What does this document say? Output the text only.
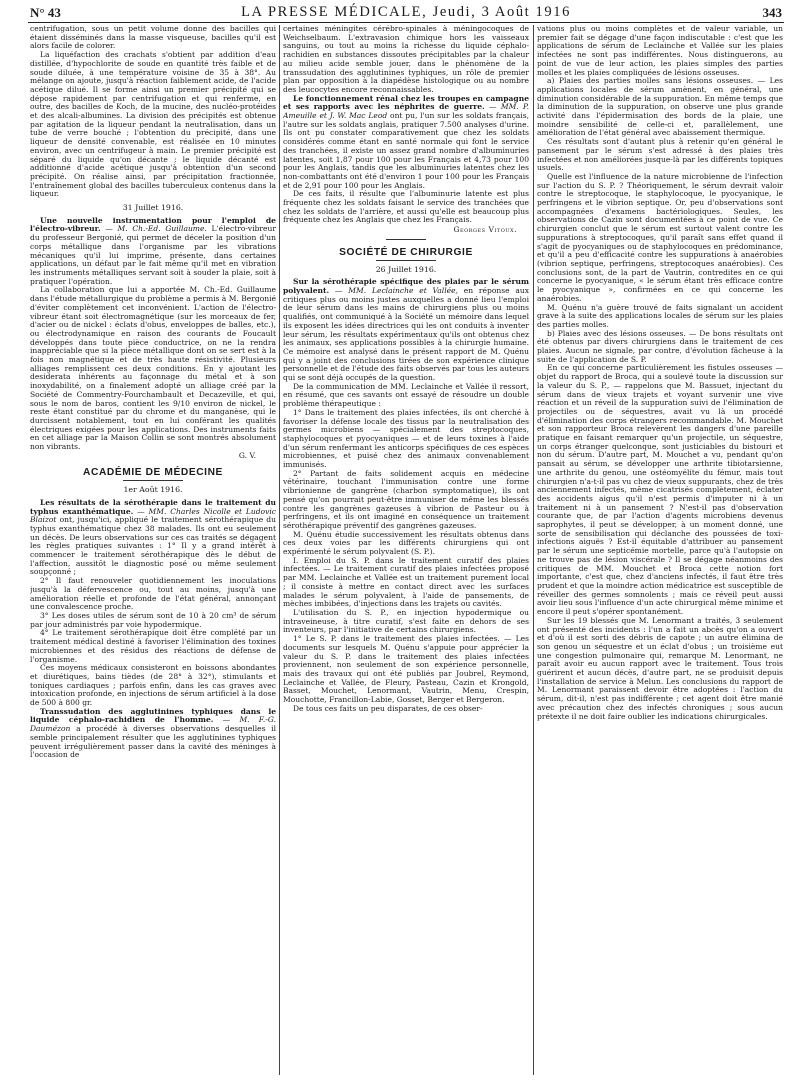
N° 43	LA PRESSE MÉDICALE, Jeudi, 3 Août 1916	343

centrifugation, sous un petit volume donne des bacilles qui étaient disséminés dans la masse visqueuse, bacilles qu'il est alors facile de colorer.

La liquéfaction des crachats s'obtient par addition d'eau distillée, d'hypochlorite de soude en quantité très faible et de soude diluée, à une température voisine de 35 à 38°. Au mélange on ajoute, jusqu'à réaction faiblement acide, de l'acide acétique dilué. Il se forme ainsi un premier précipité qui se dépose rapidement par centrifugation et qui renferme, en outre, des bacilles de Koch, de la mucine, des nucléo-protéides et des alcali-albumines. La division des précipités est obtenue par agitation de la liqueur pendant la neutralisation, dans un tube de verre bouché ; l'obtention du précipité, dans une liqueur de densité convenable, est réalisée en 10 minutes environ, avec un centrifugeur à main. Le premier précipité est séparé du liquide qu'on décante ; le liquide décanté est additionné d'acide acétique jusqu'à obtention d'un second précipité. On réalise ainsi, par précipitation fractionnée, l'entraînement global des bacilles tuberculeux contenus dans la liqueur.

31 Juillet 1916.

Une nouvelle instrumentation pour l'emploi de l'électro-vibreur. — M. Ch.-Ed. Guillaume. L'électro-vibreur du professeur Bergonié, qui permet de déceler la position d'un corps métallique dans l'organisme par les vibrations mécaniques qu'il lui imprime, présente, dans certaines applications, un défaut par le fait même qu'il met en vibration les instruments métalliques servant soit à souder la plaie, soit à pratiquer l'opération.

La collaboration que lui a apportée M. Ch.-Ed. Guillaume dans l'étude métallurgique du problème a permis à M. Bergonié d'éviter complètement cet inconvénient. L'action de l'électro-vibreur étant soit électromagnétique (sur les morceaux de fer, d'acier ou de nickel : éclats d'obus, enveloppes de balles, etc.), ou électrodynamique en raison des courants de Foucault développés dans toute pièce conductrice, on ne la rendra inappréciable que si la pièce métallique dont on se sert est à la fois non magnétique et de très haute résistivité. Plusieurs alliages remplissent ces deux conditions. En y ajoutant les desiderata inhérents au façonnage du métal et à son inoxydabilité, on a finalement adopté un alliage créé par la Société de Commentry-Fourchambault et Decazeville, et qui, sous le nom de baros, contient les 9/10 environ de nickel, le reste étant constitué par du chrome et du manganèse, qui le durcissent notablement, tout en lui conférant les qualités électriques exigées pour les applications. Des instruments faits en cet alliage par la Maison Collin se sont montrés absolument non vibrants.

G. V.
ACADÉMIE DE MÉDECINE
1er Août 1916.

Les résultats de la sérothérapie dans le traitement du typhus exanthématique. — MM. Charles Nicolle et Ludovic Blaizot ont, jusqu'ici, appliqué le traitement sérothérapique du typhus exanthématique chez 38 malades. Ils ont eu seulement un décès. De leurs observations sur ces cas traités se dégagent les règles pratiques suivantes : 1° Il y a grand intérêt à commencer le traitement sérothérapique dès le début de l'affection, aussitôt le diagnostic posé ou même seulement soupçonné ;

2° Il faut renouveler quotidiennement les inoculations jusqu'à la défervescence ou, tout au moins, jusqu'à une amélioration réelle et profonde de l'état général, annonçant une convalescence proche.

3° Les doses utiles de sérum sont de 10 à 20 cm³ de sérum par jour administrés par voie hypodermique.

4° Le traitement sérothérapique doit être complété par un traitement médical destiné à favoriser l'élimination des toxines microbiennes et des résidus des réactions de défense de l'organisme.

Ces moyens médicaux consisteront en boissons abondantes et diurétiques, bains tièdes (de 28° à 32°), stimulants et toniques cardiaques ; parfois enfin, dans les cas graves avec intoxication profonde, en injections de sérum artificiel à la dose de 500 à 800 gr.

Transsudation des agglutinines typhiques dans le liquide céphalo-rachidien de l'homme. — M. F.-G. Daumézon a procédé à diverses observations desquelles il semble principalement résulter que les agglutinines typhiques peuvent irrégulièrement passer dans la cavité des méninges à l'occasion de

certaines méningites cérébro-spinales à méningocoques de Weichselbaum. L'extravasion chimique hors les vaisseaux sanguins, ou tout au moins la richesse du liquide céphalo-rachidien en substances dissoutes précipitables par la chaleur au milieu acide semble jouer, dans le phénomène de la transsudation des agglutinines typhiques, un rôle de premier plan par opposition à la diapédèse histologique ou au nombre des leucocytes encore reconnaissables.

Le fonctionnement rénal chez les troupes en campagne et ses rapports avec les néphrites de guerre. — MM. P. Ameuille et J. W. Mac Leod ont pu, l'un sur les soldats français, l'autre sur les soldats anglais, pratiquer 7.500 analyses d'urine. Ils ont pu constater comparativement que chez les soldats considérés comme étant en santé normale qui font le service des tranchées, il existe un assez grand nombre d'albuminuries latentes, soit 1,87 pour 100 pour les Français et 4,73 pour 100 pour les Anglais, tandis que les albuminuries latentes chez les non-combattants ont été d'environ 1 pour 100 pour les Français et de 2,91 pour 100 pour les Anglais.

De ces faits, il résulte que l'albuminurie latente est plus fréquente chez les soldats faisant le service des tranchées que chez les soldats de l'arrière, et aussi qu'elle est beaucoup plus fréquente chez les Anglais que chez les Français.

Georges Vitoux.
SOCIÉTÉ DE CHIRURGIE
26 Juillet 1916.

Sur la sérothérapie spécifique des plaies par le sérum polyvalent. — MM. Leclainche et Vallée, en réponse aux critiques plus ou moins justes auxquelles a donné lieu l'emploi de leur sérum dans les mains de chirurgiens plus ou moins qualifiés, ont communiqué à la Société un mémoire dans lequel ils exposent les idées directrices qui les ont conduits à inventer leur sérum, les résultats expérimentaux qu'ils ont obtenus chez les animaux, ses applications possibles à la chirurgie humaine. Ce mémoire est analysé dans le présent rapport de M. Quénu qui y a joint des conclusions tirées de son expérience clinique personnelle et de l'étude des faits observés par tous les auteurs qui se sont déjà occupés de la question.

De la communication de MM. Leclainche et Vallée il ressort, en résumé, que ces savants ont essayé de résoudre un double problème thérapeutique :

1° Dans le traitement des plaies infectées, ils ont cherché à favoriser la défense locale des tissus par la neutralisation des germes microbiens — spécialement des streptocoques, staphylocoques et pyocyaniques — et de leurs toxines à l'aide d'un sérum renfermant les anticorps spécifiques de ces espèces microbiennes, et puisé chez des animaux convenablement immunisés.

2° Partant de faits solidement acquis en médecine vétérinaire, touchant l'immunisation contre une forme vibrionienne de gangrène (charbon symptomatique), ils ont pensé qu'on pourrait peut-être immuniser de même les blessés contre les gangrènes gazeuses à vibrion de Pasteur ou à perfringens, et ils ont imaginé en conséquence un traitement sérothérapique préventif des gangrènes gazeuses.

M. Quénu étudie successivement les résultats obtenus dans ces deux voies par les différents chirurgiens qui ont expérimenté le sérum polyvalent (S. P.).

I. Emploi du S. P. dans le traitement curatif des plaies infectées. — Le traitement curatif des plaies infectées proposé par MM. Leclainche et Vallée est un traitement purement local ; il consiste à mettre en contact direct avec les surfaces malades le sérum polyvalent, à l'aide de pansements, de mèches imbibées, d'injections dans les trajets ou cavités.

L'utilisation du S. P., en injection hypodermique ou intraveineuse, à titre curatif, s'est faite en dehors de ses inventeurs, par l'initiative de certains chirurgiens.

1° Le S. P. dans le traitement des plaies infectées. — Les documents sur lesquels M. Quénu s'appuie pour apprécier la valeur du S. P. dans le traitement des plaies infectées proviennent, non seulement de son expérience personnelle, mais des travaux qui ont été publiés par Joubrel, Reymond, Leclainche et Vallée, de Fleury, Pasteau, Cazin et Krongold, Basset, Mouchet, Lenormant, Vautrin, Menu, Crespin, Mouchotte, Francillon-Labie, Gosset, Berger et Bergeron.

De tous ces faits un peu disparates, de ces obser-

vations plus ou moins complètes et de valeur variable, un premier fait se dégage d'une façon indiscutable : c'est que les applications de sérum de Leclainche et Vallée sur les plaies infectées ne sont pas indifférentes. Nous distinguerons, au point de vue de leur action, les plaies simples des parties molles et les plaies compliquées de lésions osseuses.

a) Plaies des parties molles sans lésions osseuses. — Les applications locales de sérum amènent, en général, une diminution considérable de la suppuration. En même temps que la diminution de la suppuration, on observe une plus grande activité dans l'épidermisation des bords de la plaie, une moindre sensibilité de celle-ci et, parallèlement, une amélioration de l'état général avec abaissement thermique.

Ces résultats sont d'autant plus à retenir qu'en général le pansement par le sérum s'est adressé à des plaies très infectées et non améliorées jusque-là par les différents topiques usuels.

Quelle est l'influence de la nature microbienne de l'infection sur l'action du S. P. ? Théoriquement, le sérum devrait valoir contre le streptocoque, le staphylocoque, le pyocyanique, le perfringens et le vibrion septique. Or, peu d'observations sont accompagnées d'examens bactériologiques. Seules, les observations de Cazin sont documentées à ce point de vue. Ce chirurgien conclut que le sérum est surtout valent contre les suppurations à streptocoques, qu'il paraît sans effet quand il s'agit de pyocyaniques ou de staphylocoques en prédominance, et qu'il a peu d'efficacité contre les suppurations à anaérobies (vibrion septique, perfringens, streptocoques anaérobies). Ces conclusions sont, de la part de Vautrin, contredites en ce qui concerne le pyocyanique, « le sérum étant très efficace contre le pyocyanique », confirmées en ce qui concerne les anaérobies.

M. Quénu n'a guère trouvé de faits signalant un accident grave à la suite des applications locales de sérum sur les plaies des parties molles.

b) Plaies avec des lésions osseuses. — De bons résultats ont été obtenus par divers chirurgiens dans le traitement de ces plaies. Aucun ne signale, par contre, d'évolution fâcheuse à la suite de l'application de S. P.

En ce qui concerne particulièrement les fistules osseuses — objet du rapport de Broca, qui a soulevé toute la discussion sur la valeur du S. P., — rappelons que M. Bassuet, injectant du sérum dans de vieux trajets et voyant survenir une vive réaction et un réveil de la suppuration suivi de l'élimination de projectiles ou de séquestres, avait vu là un procédé d'élimination des corps étrangers recommandable. M. Mouchet et son rapporteur Broca relevèrent les dangers d'une pareille pratique en faisant remarquer qu'un projectile, un séquestre, un corps étranger quelconque, sont justiciables du bistouri et non du sérum. D'autre part, M. Mouchet a vu, pendant qu'on pansait au sérum, se développer une arthrite tibiotarsienne, une arthrite du genou, une ostéomyélite du fémur, mais tout chirurgien n'a-t-il pas vu chez de vieux suppurants, chez de très anciennement infectés, même cicatrisés complètement, éclater des accidents aigus qu'il n'est permis d'imputer ni à un traitement ni à un pansement ? N'est-il pas d'observation courante que, de par l'action d'agents microbiens devenus saprophytes, il peut se développer, à un moment donné, une sorte de sensibilisation qui déclanche des poussées de toxi-infections aiguës ? Est-il équitable d'attribuer au pansement par le sérum une septicémie mortelle, parce qu'à l'autopsie on ne trouve pas de lésion viscérale ? Il se dégage néanmoins des critiques de MM. Mouchet et Broca cette notion fort importante, c'est que, chez d'anciens infectés, il faut être très prudent et que la moindre action médicatrice est susceptible de réveiller des germes somnolents ; mais ce réveil peut aussi avoir lieu sous l'influence d'un acte chirurgical même minime et encore il peut s'opérer spontanément.

Sur les 19 blessés que M. Lenormant a traités, 3 seulement ont présenté des incidents : l'un a fait un abcès qu'on a ouvert et d'où il est sorti des débris de capote ; un autre élimina de son genou un séquestre et un éclat d'obus ; un troisième eut une congestion pulmonaire qui, remarque M. Lenormant, ne paraît avoir eu aucun rapport avec le traitement. Tous trois guérirent et aucun décès, d'autre part, ne se produisit depuis l'installation de service à Melun. Les conclusions du rapport de M. Lenormant paraissent devoir être adoptées : l'action du sérum, dit-il, n'est pas indifférente ; cet agent doit être manié avec précaution chez des infectés chroniques ; sous aucun prétexte il ne doit faire oublier les indications chirurgicales.
